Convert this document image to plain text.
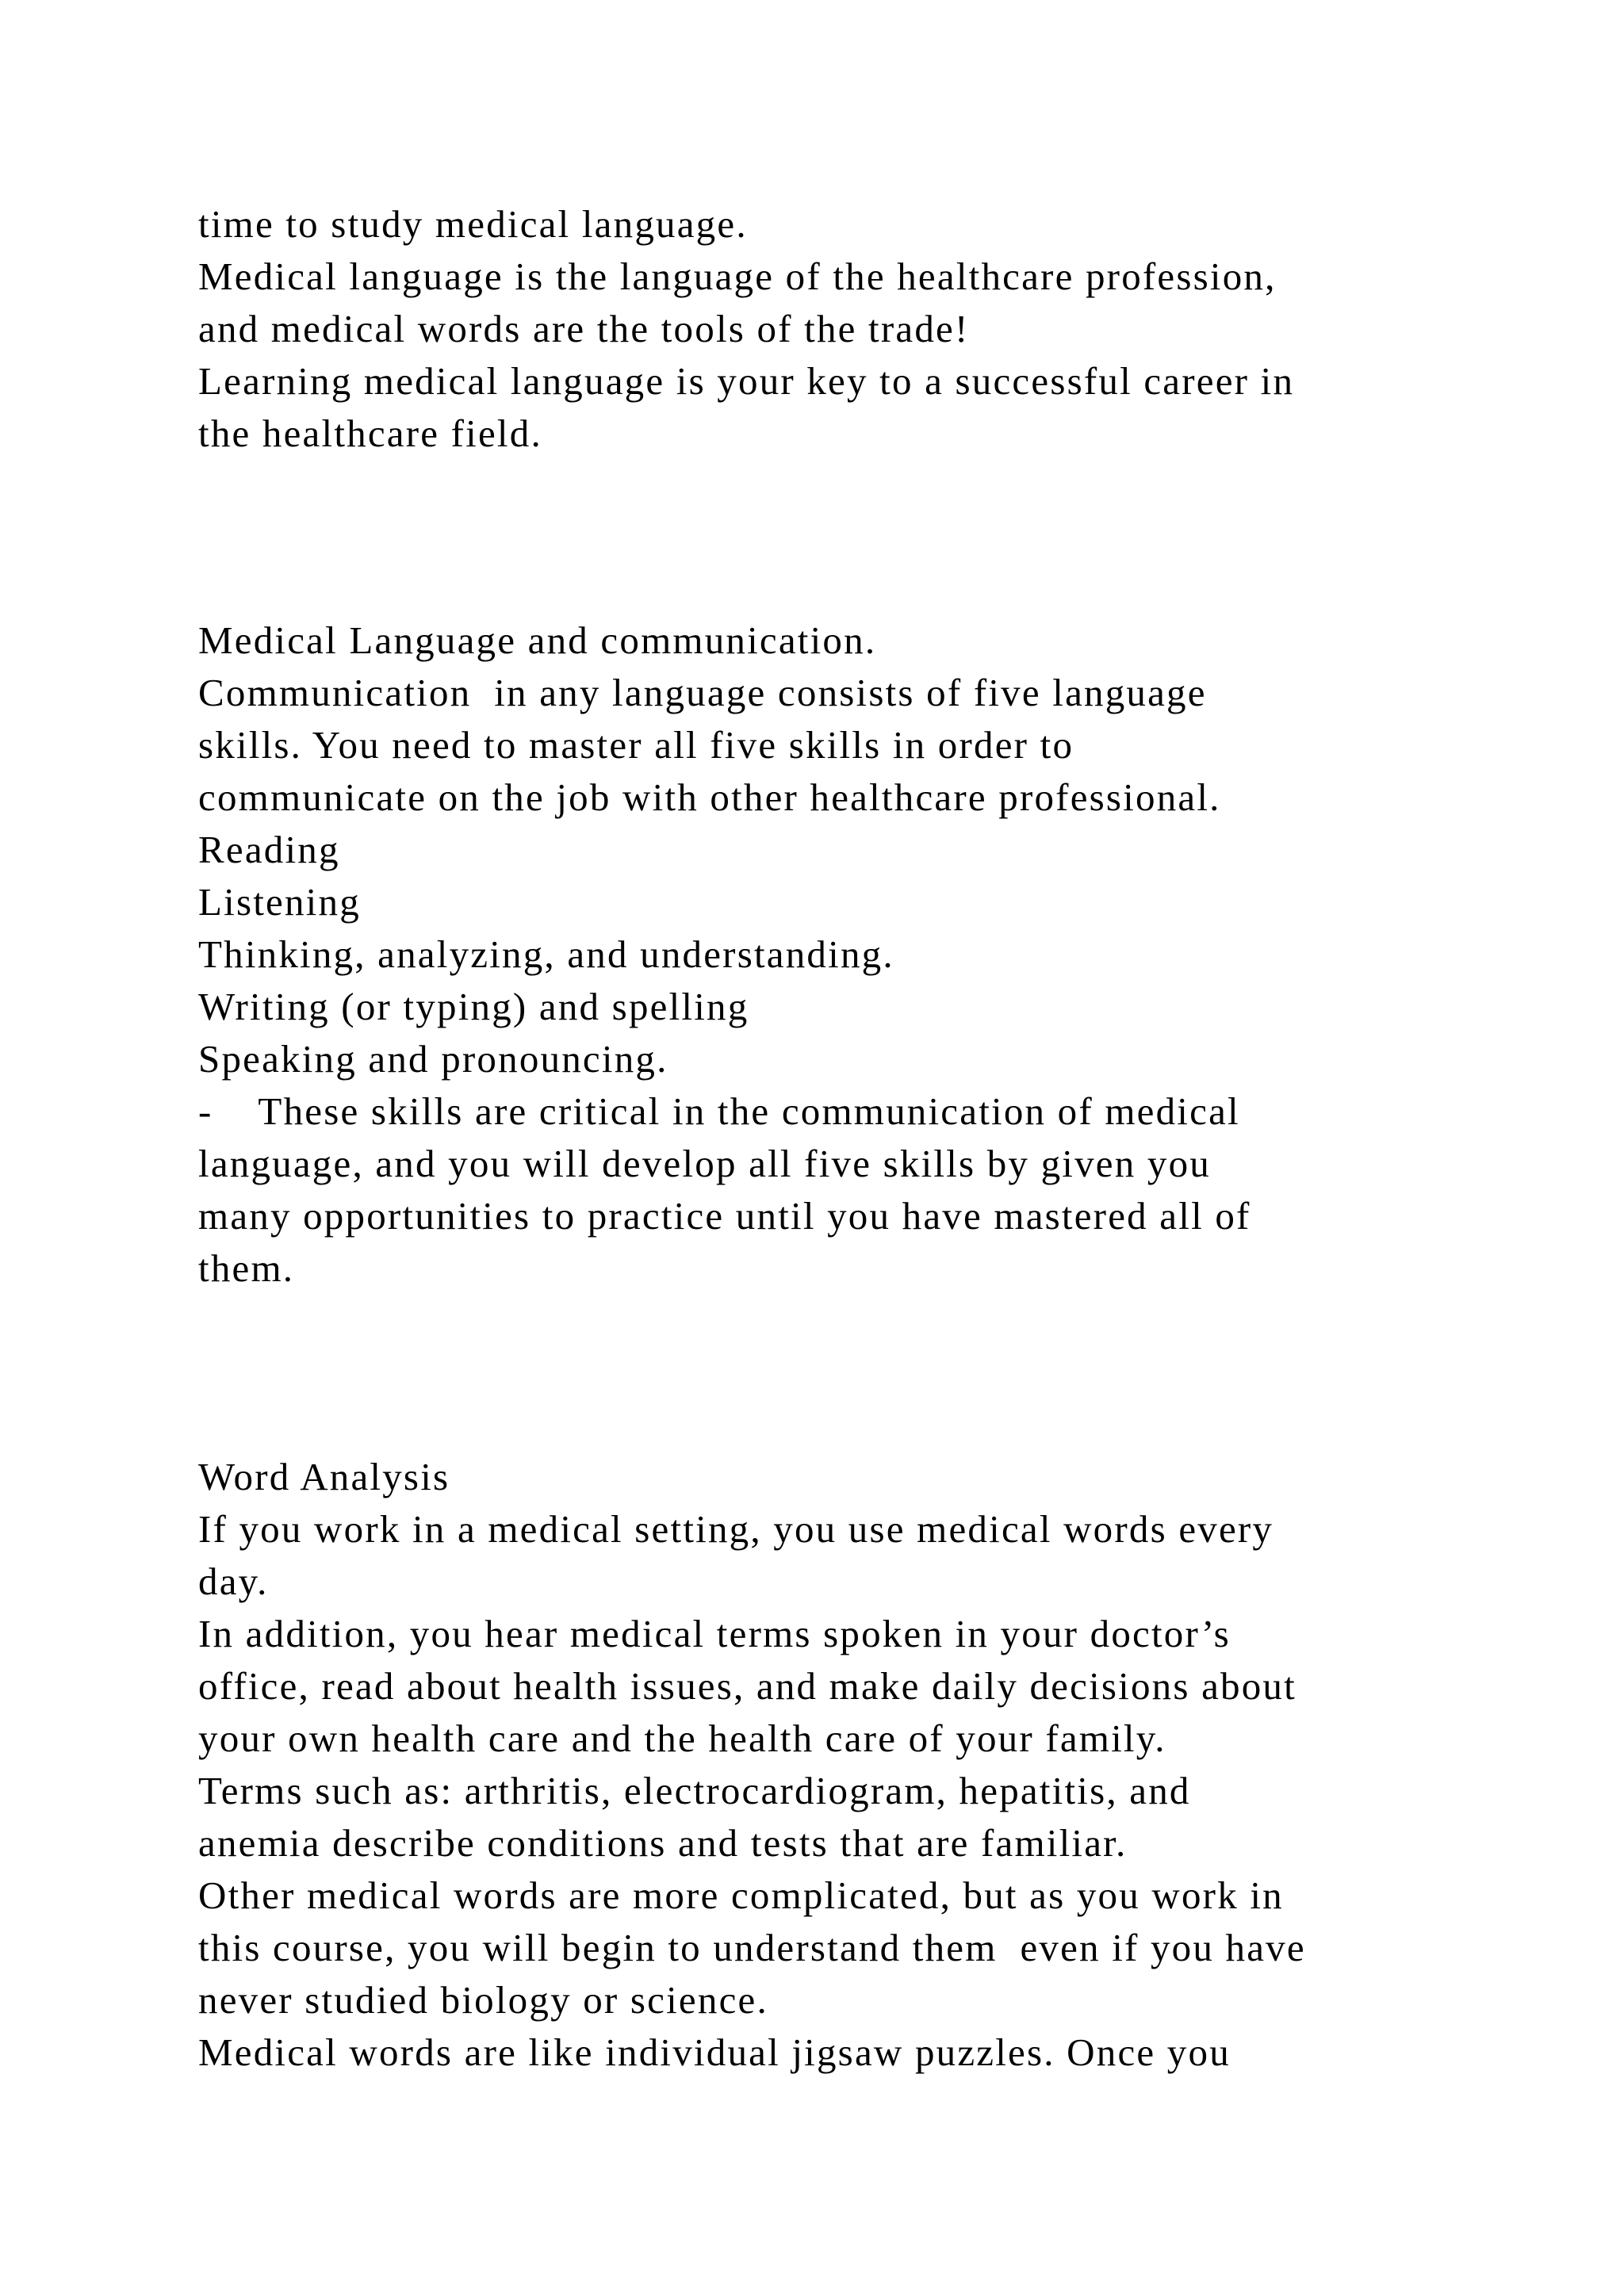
time to study medical language.
Medical language is the language of the healthcare profession,
and medical words are the tools of the trade!
Learning medical language is your key to a successful career in
the healthcare field.
Medical Language and communication.
Communication  in any language consists of five language
skills. You need to master all five skills in order to
communicate on the job with other healthcare professional.
Reading
Listening
Thinking, analyzing, and understanding.
Writing (or typing) and spelling
Speaking and pronouncing.
-    These skills are critical in the communication of medical
language, and you will develop all five skills by given you
many opportunities to practice until you have mastered all of
them.
Word Analysis
If you work in a medical setting, you use medical words every
day.
In addition, you hear medical terms spoken in your doctor’s
office, read about health issues, and make daily decisions about
your own health care and the health care of your family.
Terms such as: arthritis, electrocardiogram, hepatitis, and
anemia describe conditions and tests that are familiar.
Other medical words are more complicated, but as you work in
this course, you will begin to understand them  even if you have
never studied biology or science.
Medical words are like individual jigsaw puzzles. Once you
